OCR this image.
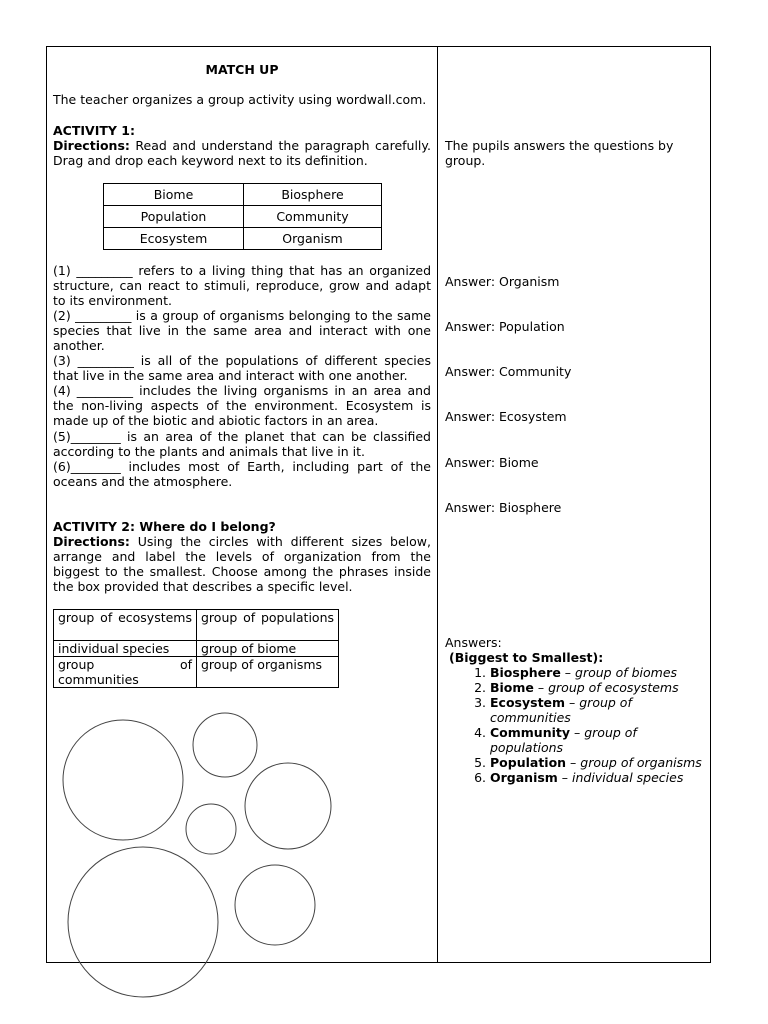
MATCH UP
The teacher organizes a group activity using wordwall.com.
ACTIVITY 1:
Directions: Read and understand the paragraph carefully. Drag and drop each keyword next to its definition.
Biome	Biosphere
Population	Community
Ecosystem	Organism
(1) _________ refers to a living thing that has an organized structure, can react to stimuli, reproduce, grow and adapt to its environment.
(2) _________ is a group of organisms belonging to the same species that live in the same area and interact with one another.
(3) _________ is all of the populations of different species that live in the same area and interact with one another.
(4) _________ includes the living organisms in an area and the non-living aspects of the environment. Ecosystem is made up of the biotic and abiotic factors in an area.
(5)________ is an area of the planet that can be classified according to the plants and animals that live in it.
(6)________ includes most of Earth, including part of the oceans and the atmosphere.
ACTIVITY 2: Where do I belong?
Directions: Using the circles with different sizes below, arrange and label the levels of organization from the biggest to the smallest. Choose among the phrases inside the box provided that describes a specific level.
group of ecosystems	group of populations
individual species	group of biome
group of communities	group of organisms
The pupils answers the questions by group.
Answer: Organism
Answer: Population
Answer: Community
Answer: Ecosystem
Answer: Biome
Answer: Biosphere
Answers:
(Biggest to Smallest):
1. Biosphere – group of biomes
2. Biome – group of ecosystems
3. Ecosystem – group of communities
4. Community – group of populations
5. Population – group of organisms
6. Organism – individual species
